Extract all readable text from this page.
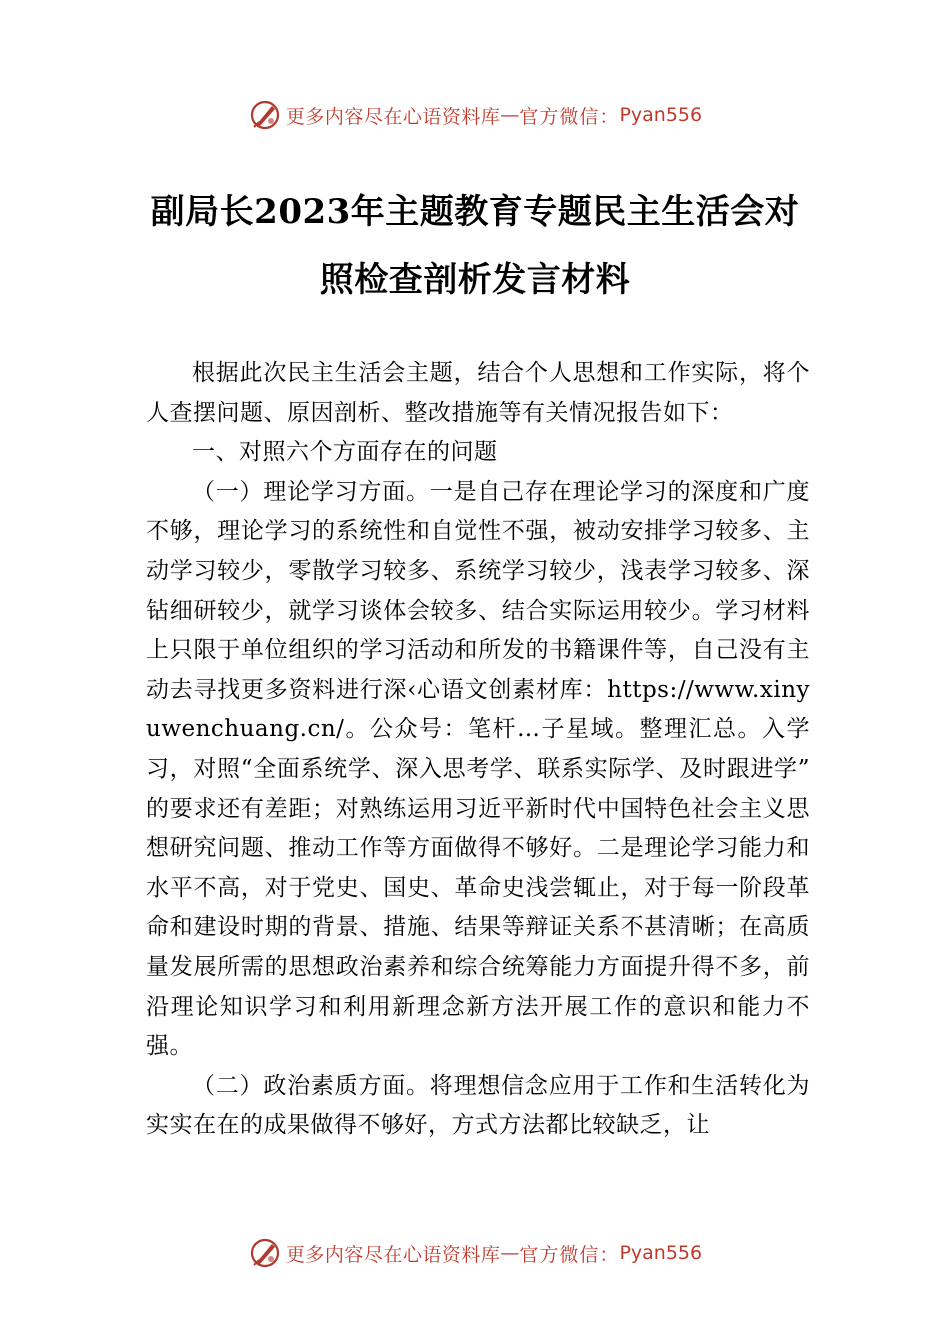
更多内容尽在心语资料库 — 官方微信： Pyan556
副局长2023年主题教育专题民主生活会对
照检查剖析发言材料

根据此次民主生活会主题，结合个人思想和工作实际，将个人查摆问题、原因剖析、整改措施等有关情况报告如下：

一、对照六个方面存在的问题

（一）理论学习方面。一是自己存在理论学习的深度和广度不够，理论学习的系统性和自觉性不强，被动安排学习较多、主动学习较少，零散学习较多、系统学习较少，浅表学习较多、深钻细研较少，就学习谈体会较多、结合实际运用较少。学习材料上只限于单位组织的学习活动和所发的书籍课件等，自己没有主动去寻找更多资料进行深‹心语文创素材库：https://www.xinyuwenchuang.cn/。公众号：笔杆…子星域。整理汇总。入学习，对照“全面系统学、深入思考学、联系实际学、及时跟进学” 的要求还有差距；对熟练运用习近平新时代中国特色社会主义思想研究问题、推动工作等方面做得不够好。二是理论学习能力和水平不高，对于党史、国史、革命史浅尝辄止，对于每一阶段革命和建设时期的背景、措施、结果等辩证关系不甚清晰；在高质量发展所需的思想政治素养和综合统筹能力方面提升得不多，前沿理论知识学习和利用新理念新方法开展工作的意识和能力不强。

（二）政治素质方面。将理想信念应用于工作和生活转化为实实在在的成果做得不够好，方式方法都比较缺乏，让

更多内容尽在心语资料库 — 官方微信： Pyan556
